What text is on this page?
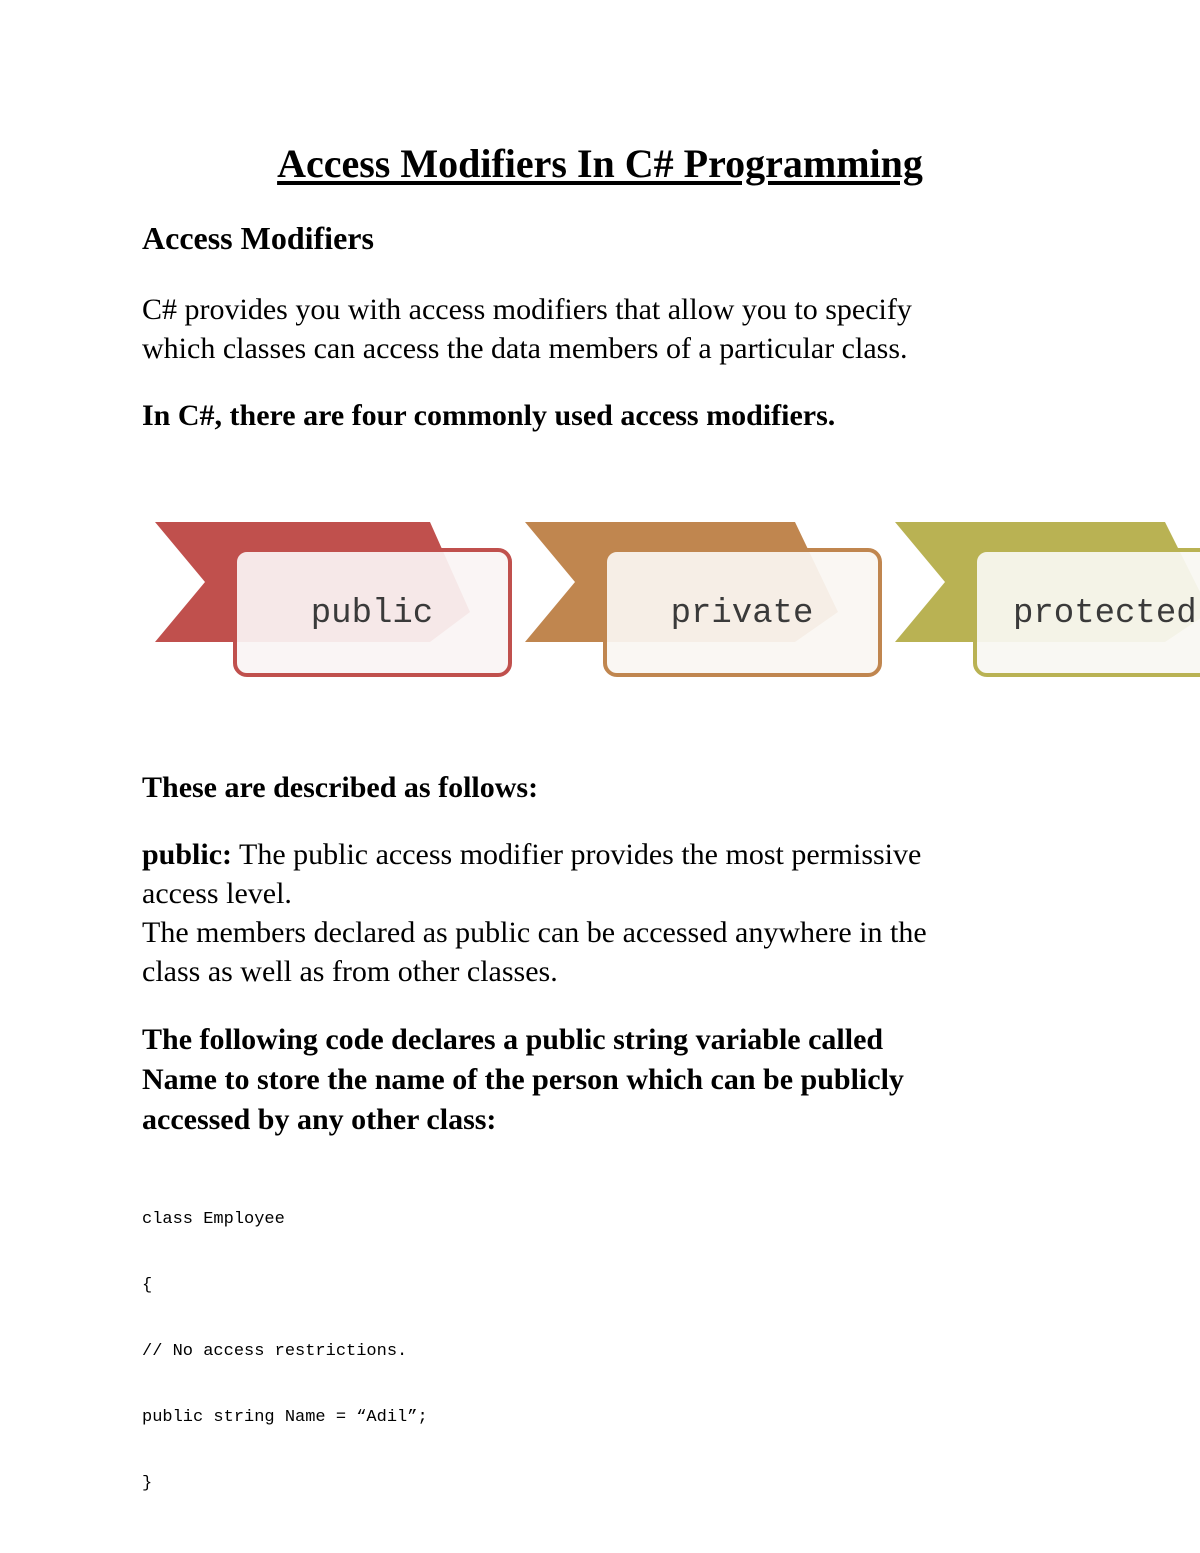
Access Modifiers In C# Programming
Access Modifiers

C# provides you with access modifiers that allow you to specify
which classes can access the data members of a particular class.

In C#, there are four commonly used access modifiers.

public	private	protected

These are described as follows:

public: The public access modifier provides the most permissive
access level.
The members declared as public can be accessed anywhere in the
class as well as from other classes.

The following code declares a public string variable called
Name to store the name of the person which can be publicly
accessed by any other class:

class Employee

{

// No access restrictions.

public string Name = “Adil”;

}
